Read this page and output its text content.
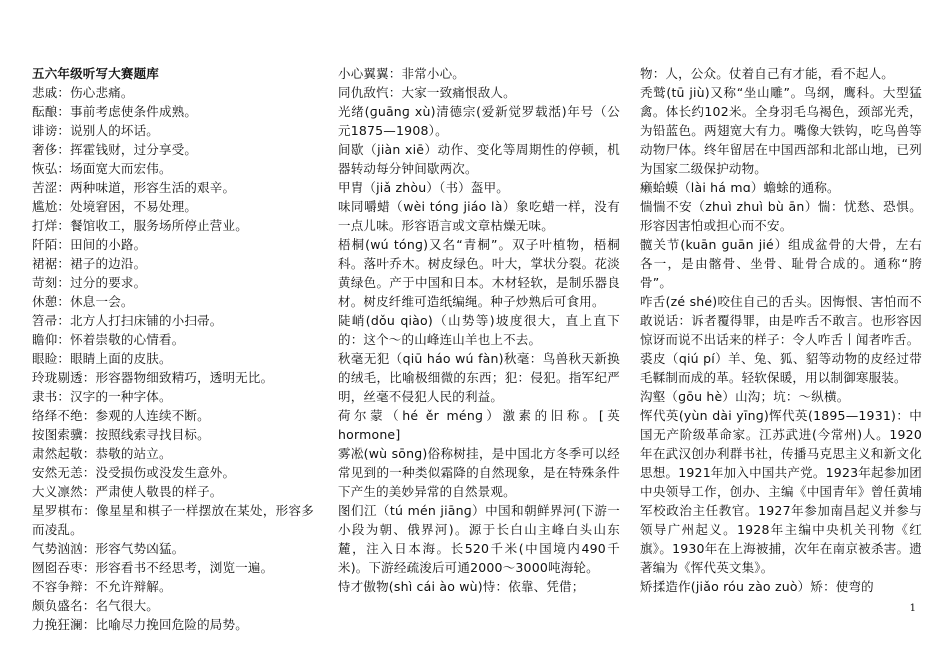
五六年级听写大赛题库

悲戚：伤心悲痛。

酝酿：事前考虑使条件成熟。

诽谤：说别人的坏话。

奢侈：挥霍钱财，过分享受。

恢弘：场面宽大而宏伟。

苦涩：两种味道，形容生活的艰辛。

尴尬：处境窘困，不易处理。

打烊：餐馆收工，服务场所停止营业。

阡陌：田间的小路。

裙裾：裙子的边沿。

苛刻：过分的要求。

休憩：休息一会。

笤帚：北方人打扫床铺的小扫帚。

瞻仰：怀着崇敬的心情看。

眼睑：眼睛上面的皮肤。

玲珑剔透：形容器物细致精巧，透明无比。

隶书：汉字的一种字体。

络绎不绝：参观的人连续不断。

按图索骥：按照线索寻找目标。

肃然起敬：恭敬的站立。

安然无恙：没受损伤或没发生意外。

大义凛然：严肃使人敬畏的样子。

星罗棋布：像星星和棋子一样摆放在某处，形容多而凌乱。

气势汹汹：形容气势凶猛。

囫囵吞枣：形容看书不经思考，浏览一遍。

不容争辩：不允许辩解。

颇负盛名：名气很大。

力挽狂澜：比喻尽力挽回危险的局势。

小心翼翼：非常小心。

同仇敌忾：大家一致痛恨敌人。

光绪(ɡuānɡ xù)清德宗(爱新觉罗载湉)年号（公元1875—1908）。

间歇（jiàn xiē）动作、变化等周期性的停顿，机器转动每分钟间歇两次。

甲胄（jiǎ zhòu）（书）盔甲。

味同嚼蜡（wèi tónɡ jiáo là）象吃蜡一样，没有一点儿味。形容语言或文章枯燥无味。

梧桐(wú tónɡ)又名“青桐”。双子叶植物，梧桐科。落叶乔木。树皮绿色。叶大，掌状分裂。花淡黄绿色。产于中国和日本。木材轻软，是制乐器良材。树皮纤维可造纸编绳。种子炒熟后可食用。

陡峭(dǒu qiào)（山势等)坡度很大，直上直下的：这个～的山峰连山羊也上不去。

秋毫无犯（qiū háo wú fàn)秋毫：鸟兽秋天新换的绒毛，比喻极细微的东西；犯：侵犯。指军纪严明，丝毫不侵犯人民的利益。

荷尔蒙（hé ěr ménɡ）激素的旧称。[英hormone]

雾凇(wù sōnɡ)俗称树挂，是中国北方冬季可以经常见到的一种类似霜降的自然现象，是在特殊条件下产生的美妙异常的自然景观。

图们江（tú mén jiānɡ）中国和朝鲜界河(下游一小段为朝、俄界河)。源于长白山主峰白头山东麓，注入日本海。长520千米(中国境内490千米)。下游经疏浚后可通2000～3000吨海轮。

恃才傲物(shì cái ào wù)恃：依靠、凭借；

物：人，公众。仗着自己有才能，看不起人。

秃鹫(tū jiù)又称“坐山雕”。鸟纲，鹰科。大型猛禽。体长约102米。全身羽毛乌褐色，颈部光秃，为铅蓝色。两翅宽大有力。嘴像大铁钩，吃鸟兽等动物尸体。终年留居在中国西部和北部山地，已列为国家二级保护动物。

癞蛤蟆（lài há mɑ）蟾蜍的通称。

惴惴不安（zhuì zhuì bù ān）惴：忧愁、恐惧。形容因害怕或担心而不安。

髋关节(kuān ɡuān jié）组成盆骨的大骨，左右各一，是由髂骨、坐骨、耻骨合成的。通称“胯骨”。

咋舌(zé shé)咬住自己的舌头。因悔恨、害怕而不敢说话：诉者覆得罪，由是咋舌不敢言。也形容因惊讶而说不出话来的样子：令人咋舌丨闻者咋舌。

裘皮（qiú pí）羊、兔、狐、貂等动物的皮经过带毛鞣制而成的革。轻软保暖，用以制御寒服装。

沟壑（ɡōu hè）山沟；坑：～纵横。

恽代英(yùn dài yīnɡ)恽代英(1895—1931)：中国无产阶级革命家。江苏武进(今常州)人。1920年在武汉创办利群书社，传播马克思主义和新文化思想。1921年加入中国共产党。1923年起参加团中央领导工作，创办、主编《中国青年》曾任黄埔军校政治主任教官。1927年参加南昌起义并参与领导广州起义。1928年主编中央机关刊物《红旗》。1930年在上海被捕，次年在南京被杀害。遗著编为《恽代英文集》。

矫揉造作(jiǎo róu zào zuò）矫：使弯的

1
